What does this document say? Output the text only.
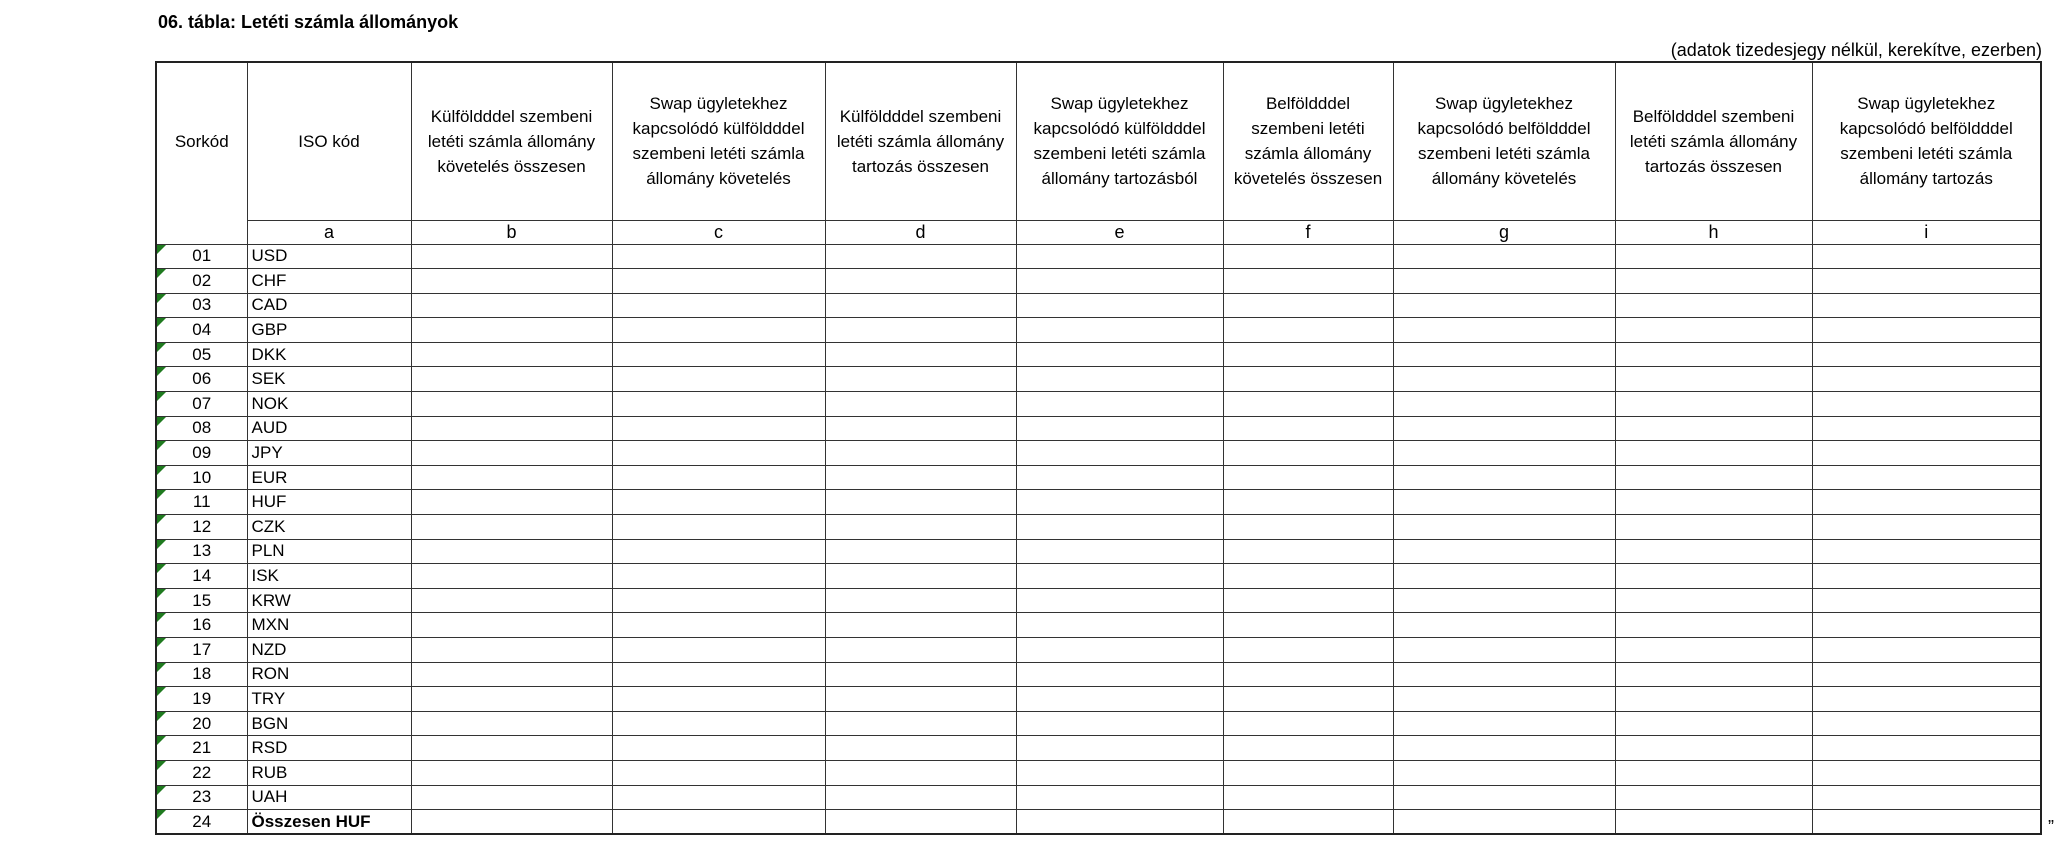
06. tábla: Letéti számla állományok
(adatok tizedesjegy nélkül, kerekítve, ezerben)
Sorkód	ISO kód	Külföldddel szembeni letéti számla állomány követelés összesen	Swap ügyletekhez kapcsolódó külföldddel szembeni letéti számla állomány követelés	Külföldddel szembeni letéti számla állomány tartozás összesen	Swap ügyletekhez kapcsolódó külföldddel szembeni letéti számla állomány tartozásból	Belföldddel szembeni letéti számla állomány követelés összesen	Swap ügyletekhez kapcsolódó belföldddel szembeni letéti számla állomány követelés	Belföldddel szembeni letéti számla állomány tartozás összesen	Swap ügyletekhez kapcsolódó belföldddel szembeni letéti számla állomány tartozás
	a	b	c	d	e	f	g	h	i
01	USD								
02	CHF								
03	CAD								
04	GBP								
05	DKK								
06	SEK								
07	NOK								
08	AUD								
09	JPY								
10	EUR								
11	HUF								
12	CZK								
13	PLN								
14	ISK								
15	KRW								
16	MXN								
17	NZD								
18	RON								
19	TRY								
20	BGN								
21	RSD								
22	RUB								
23	UAH								
24	Összesen HUF									”
